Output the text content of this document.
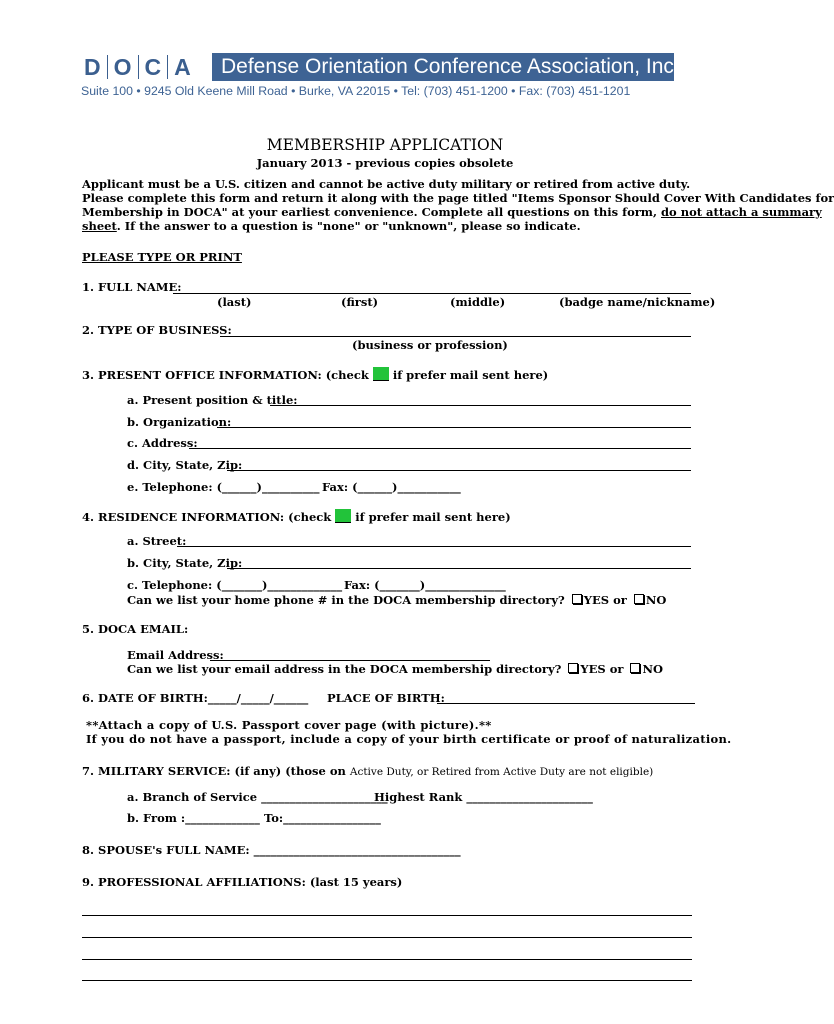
D O C A	Defense Orientation Conference Association, Inc.
Suite 100 • 9245 Old Keene Mill Road • Burke, VA 22015 • Tel: (703) 451-1200 • Fax: (703) 451-1201
MEMBERSHIP APPLICATION
January 2013 - previous copies obsolete
Applicant must be a U.S. citizen and cannot be active duty military or retired from active duty.
Please complete this form and return it along with the page titled "Items Sponsor Should Cover With Candidates for
Membership in DOCA" at your earliest convenience. Complete all questions on this form, do not attach a summary
sheet. If the answer to a question is "none" or "unknown", please so indicate.
PLEASE TYPE OR PRINT
1. FULL NAME:
(last)	(first)	(middle)	(badge name/nickname)
2. TYPE OF BUSINESS:
(business or profession)
3. PRESENT OFFICE INFORMATION: (check  if prefer mail sent here)
a. Present position & title:
b. Organization:
c. Address:
d. City, State, Zip:
e. Telephone: (______)__________ Fax: (______)___________
4. RESIDENCE INFORMATION: (check  if prefer mail sent here)
a. Street:
b. City, State, Zip:
c. Telephone: (_______)_____________ Fax: (_______)______________
Can we list your home phone # in the DOCA membership directory? YES or NO
5. DOCA EMAIL:
Email Address:
Can we list your email address in the DOCA membership directory? YES or NO
6. DATE OF BIRTH:_____/_____/______ PLACE OF BIRTH:
**Attach a copy of U.S. Passport cover page (with picture).**
If you do not have a passport, include a copy of your birth certificate or proof of naturalization.
7. MILITARY SERVICE: (if any) (those on Active Duty, or Retired from Active Duty are not eligible)
a. Branch of Service ______________________
Highest Rank ______________________
b. From :_____________ To:_________________
8. SPOUSE's FULL NAME: ____________________________________
9. PROFESSIONAL AFFILIATIONS: (last 15 years)
